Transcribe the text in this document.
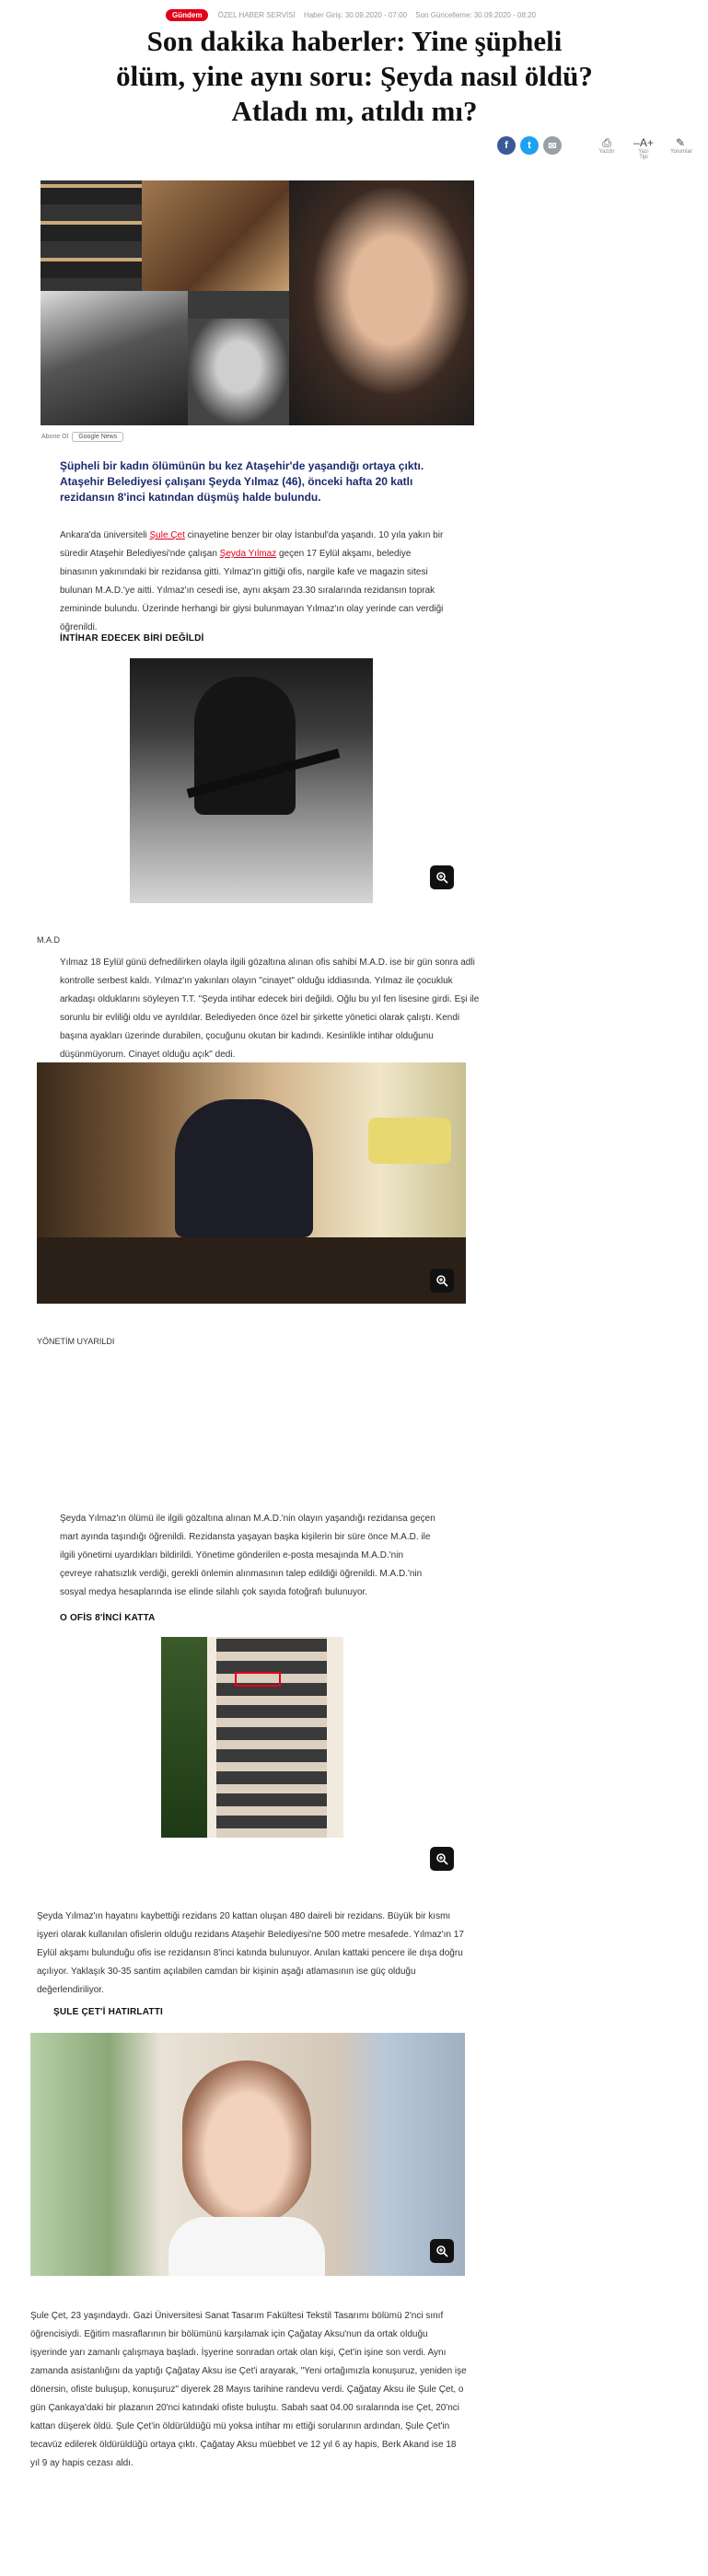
Gündem ÖZEL HABER SERVİSİ Haber Giriş: 30.09.2020 - 07:00 Son Güncelleme: 30.09.2020 - 08:20
Son dakika haberler: Yine şüpheli ölüm, yine aynı soru: Şeyda nasıl öldü? Atladı mı, atıldı mı?
f	t	✉	⎙
Yazdır
–A+
Yazı Tipi
✎
Yorumlar
Abone Ol	Google News

Şüpheli bir kadın ölümünün bu kez Ataşehir'de yaşandığı ortaya çıktı. Ataşehir Belediyesi çalışanı Şeyda Yılmaz (46), önceki hafta 20 katlı rezidansın 8'inci katından düşmüş halde bulundu.

Ankara'da üniversiteli Şule Çet cinayetine benzer bir olay İstanbul'da yaşandı. 10 yıla yakın bir süredir Ataşehir Belediyesi'nde çalışan Şeyda Yılmaz geçen 17 Eylül akşamı, belediye binasının yakınındaki bir rezidansa gitti. Yılmaz'ın gittiği ofis, nargile kafe ve magazin sitesi bulunan M.A.D.'ye aitti. Yılmaz'ın cesedi ise, aynı akşam 23.30 sıralarında rezidansın toprak zemininde bulundu. Üzerinde herhangi bir giysi bulunmayan Yılmaz'ın olay yerinde can verdiği öğrenildi.

İNTİHAR EDECEK BİRİ DEĞİLDİ
M.A.D

Yılmaz 18 Eylül günü defnedilirken olayla ilgili gözaltına alınan ofis sahibi M.A.D. ise bir gün sonra adli kontrolle serbest kaldı. Yılmaz'ın yakınları olayın "cinayet" olduğu iddiasında. Yılmaz ile çocukluk arkadaşı olduklarını söyleyen T.T. "Şeyda intihar edecek biri değildi. Oğlu bu yıl fen lisesine girdi. Eşi ile sorunlu bir evliliği oldu ve ayrıldılar. Belediyeden önce özel bir şirkette yönetici olarak çalıştı. Kendi başına ayakları üzerinde durabilen, çocuğunu okutan bir kadındı. Kesinlikle intihar olduğunu düşünmüyorum. Cinayet olduğu açık" dedi.

YÖNETİM UYARILDI

Şeyda Yılmaz'ın ölümü ile ilgili gözaltına alınan M.A.D.'nin olayın yaşandığı rezidansa geçen mart ayında taşındığı öğrenildi. Rezidansta yaşayan başka kişilerin bir süre önce M.A.D. ile ilgili yönetimi uyardıkları bildirildi. Yönetime gönderilen e-posta mesajında M.A.D.'nin çevreye rahatsızlık verdiği, gerekli önlemin alınmasının talep edildiği öğrenildi. M.A.D.'nin sosyal medya hesaplarında ise elinde silahlı çok sayıda fotoğrafı bulunuyor.

O OFİS 8'İNCİ KATTA

Şeyda Yılmaz'ın hayatını kaybettiği rezidans 20 kattan oluşan 480 daireli bir rezidans. Büyük bir kısmı işyeri olarak kullanılan ofislerin olduğu rezidans Ataşehir Belediyesi'ne 500 metre mesafede. Yılmaz'ın 17 Eylül akşamı bulunduğu ofis ise rezidansın 8'inci katında bulunuyor. Anılan kattaki pencere ile dışa doğru açılıyor. Yaklaşık 30-35 santim açılabilen camdan bir kişinin aşağı atlamasının ise güç olduğu değerlendiriliyor.

ŞULE ÇET'İ HATIRLATTI

Şule Çet, 23 yaşındaydı. Gazi Üniversitesi Sanat Tasarım Fakültesi Tekstil Tasarımı bölümü 2'nci sınıf öğrencisiydi. Eğitim masraflarının bir bölümünü karşılamak için Çağatay Aksu'nun da ortak olduğu işyerinde yarı zamanlı çalışmaya başladı. İşyerine sonradan ortak olan kişi, Çet'in işine son verdi. Aynı zamanda asistanlığını da yaptığı Çağatay Aksu ise Çet'i arayarak, "Yeni ortağımızla konuşuruz, yeniden işe dönersin, ofiste buluşup, konuşuruz" diyerek 28 Mayıs tarihine randevu verdi. Çağatay Aksu ile Şule Çet, o gün Çankaya'daki bir plazanın 20'nci katındaki ofiste buluştu. Sabah saat 04.00 sıralarında ise Çet, 20'nci kattan düşerek öldü. Şule Çet'in öldürüldüğü mü yoksa intihar mı ettiği sorularının ardından, Şule Çet'in tecavüz edilerek öldürüldüğü ortaya çıktı. Çağatay Aksu müebbet ve 12 yıl 6 ay hapis, Berk Akand ise 18 yıl 9 ay hapis cezası aldı.
